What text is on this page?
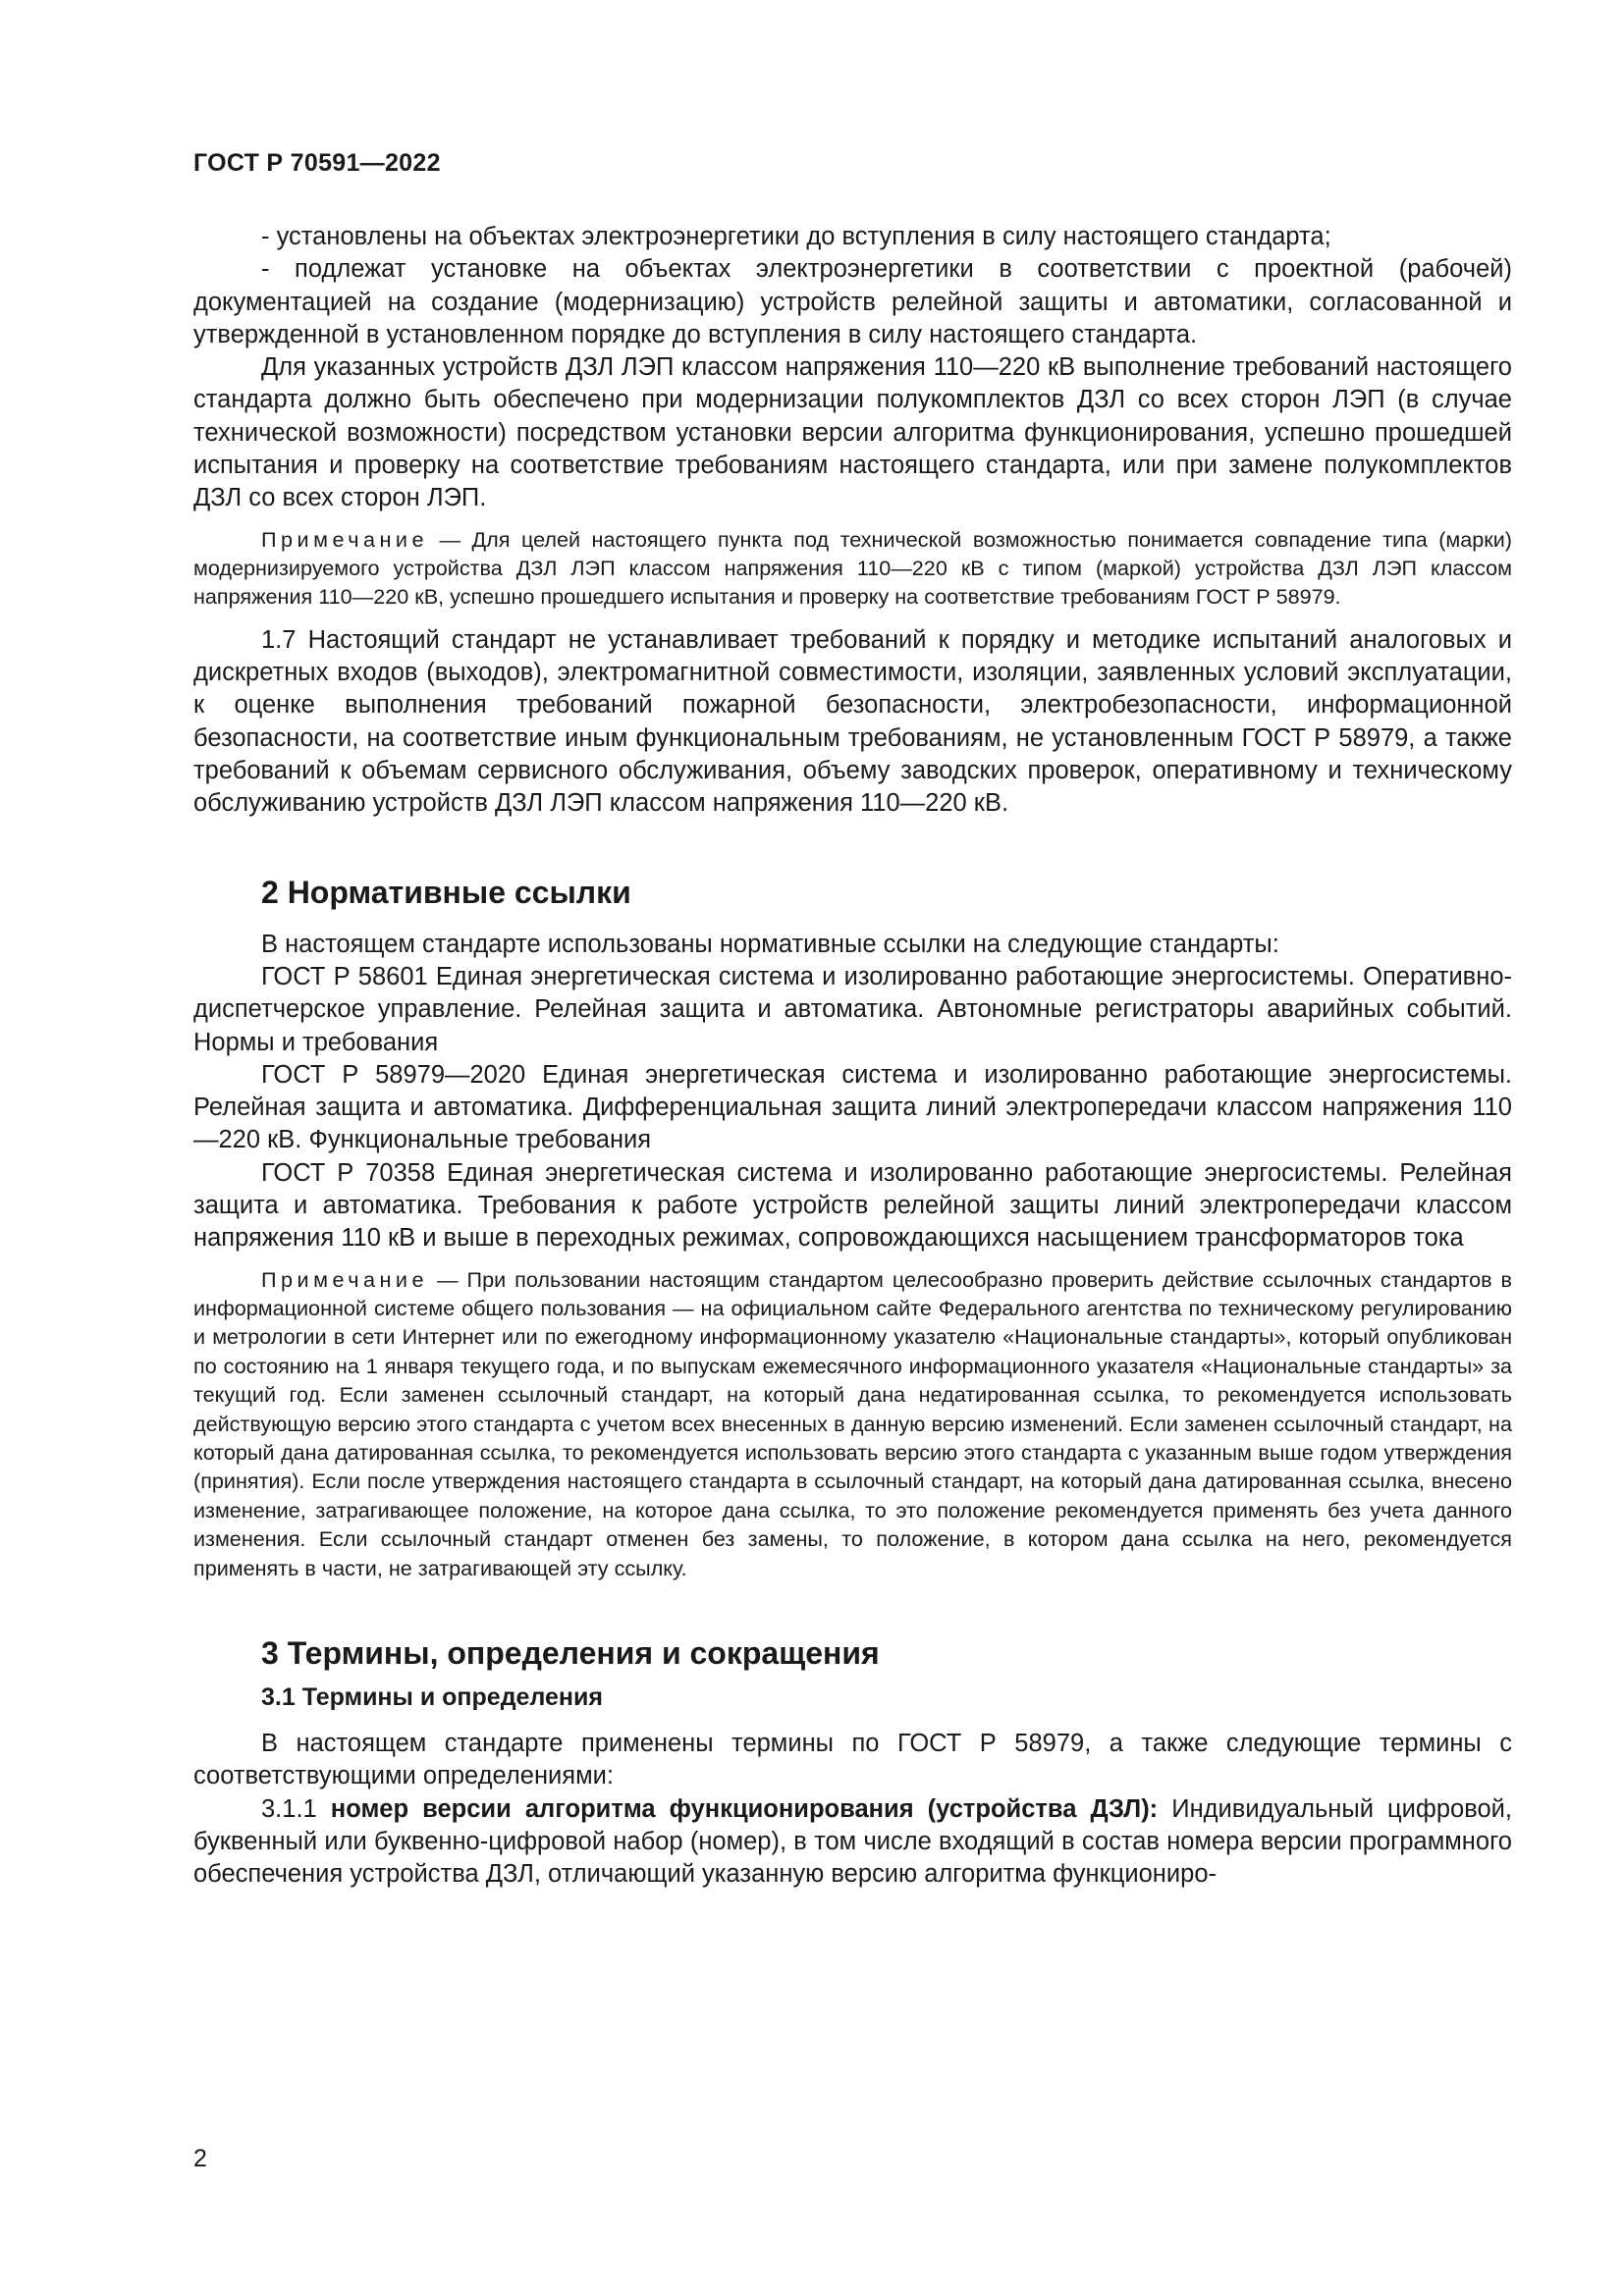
ГОСТ Р 70591—2022

- установлены на объектах электроэнергетики до вступления в силу настоящего стандарта;

- подлежат установке на объектах электроэнергетики в соответствии с проектной (рабочей) документацией на создание (модернизацию) устройств релейной защиты и автоматики, согласованной и утвержденной в установленном порядке до вступления в силу настоящего стандарта.

Для указанных устройств ДЗЛ ЛЭП классом напряжения 110—220 кВ выполнение требований настоящего стандарта должно быть обеспечено при модернизации полукомплектов ДЗЛ со всех сторон ЛЭП (в случае технической возможности) посредством установки версии алгоритма функционирования, успешно прошедшей испытания и проверку на соответствие требованиям настоящего стандарта, или при замене полукомплектов ДЗЛ со всех сторон ЛЭП.

Примечание — Для целей настоящего пункта под технической возможностью понимается совпадение типа (марки) модернизируемого устройства ДЗЛ ЛЭП классом напряжения 110—220 кВ с типом (маркой) устройства ДЗЛ ЛЭП классом напряжения 110—220 кВ, успешно прошедшего испытания и проверку на соответствие требованиям ГОСТ Р 58979.

1.7 Настоящий стандарт не устанавливает требований к порядку и методике испытаний аналоговых и дискретных входов (выходов), электромагнитной совместимости, изоляции, заявленных условий эксплуатации, к оценке выполнения требований пожарной безопасности, электробезопасности, информационной безопасности, на соответствие иным функциональным требованиям, не установленным ГОСТ Р 58979, а также требований к объемам сервисного обслуживания, объему заводских проверок, оперативному и техническому обслуживанию устройств ДЗЛ ЛЭП классом напряжения 110—220 кВ.

2 Нормативные ссылки

В настоящем стандарте использованы нормативные ссылки на следующие стандарты:

ГОСТ Р 58601 Единая энергетическая система и изолированно работающие энергосистемы. Оперативно-диспетчерское управление. Релейная защита и автоматика. Автономные регистраторы аварийных событий. Нормы и требования

ГОСТ Р 58979—2020 Единая энергетическая система и изолированно работающие энергосистемы. Релейная защита и автоматика. Дифференциальная защита линий электропередачи классом напряжения 110—220 кВ. Функциональные требования

ГОСТ Р 70358 Единая энергетическая система и изолированно работающие энергосистемы. Релейная защита и автоматика. Требования к работе устройств релейной защиты линий электропередачи классом напряжения 110 кВ и выше в переходных режимах, сопровождающихся насыщением трансформаторов тока

Примечание — При пользовании настоящим стандартом целесообразно проверить действие ссылочных стандартов в информационной системе общего пользования — на официальном сайте Федерального агентства по техническому регулированию и метрологии в сети Интернет или по ежегодному информационному указателю «Национальные стандарты», который опубликован по состоянию на 1 января текущего года, и по выпускам ежемесячного информационного указателя «Национальные стандарты» за текущий год. Если заменен ссылочный стандарт, на который дана недатированная ссылка, то рекомендуется использовать действующую версию этого стандарта с учетом всех внесенных в данную версию изменений. Если заменен ссылочный стандарт, на который дана датированная ссылка, то рекомендуется использовать версию этого стандарта с указанным выше годом утверждения (принятия). Если после утверждения настоящего стандарта в ссылочный стандарт, на который дана датированная ссылка, внесено изменение, затрагивающее положение, на которое дана ссылка, то это положение рекомендуется применять без учета данного изменения. Если ссылочный стандарт отменен без замены, то положение, в котором дана ссылка на него, рекомендуется применять в части, не затрагивающей эту ссылку.

3 Термины, определения и сокращения
3.1 Термины и определения

В настоящем стандарте применены термины по ГОСТ Р 58979, а также следующие термины с соответствующими определениями:

3.1.1 номер версии алгоритма функционирования (устройства ДЗЛ): Индивидуальный цифровой, буквенный или буквенно-цифровой набор (номер), в том числе входящий в состав номера версии программного обеспечения устройства ДЗЛ, отличающий указанную версию алгоритма функциониро-

2
